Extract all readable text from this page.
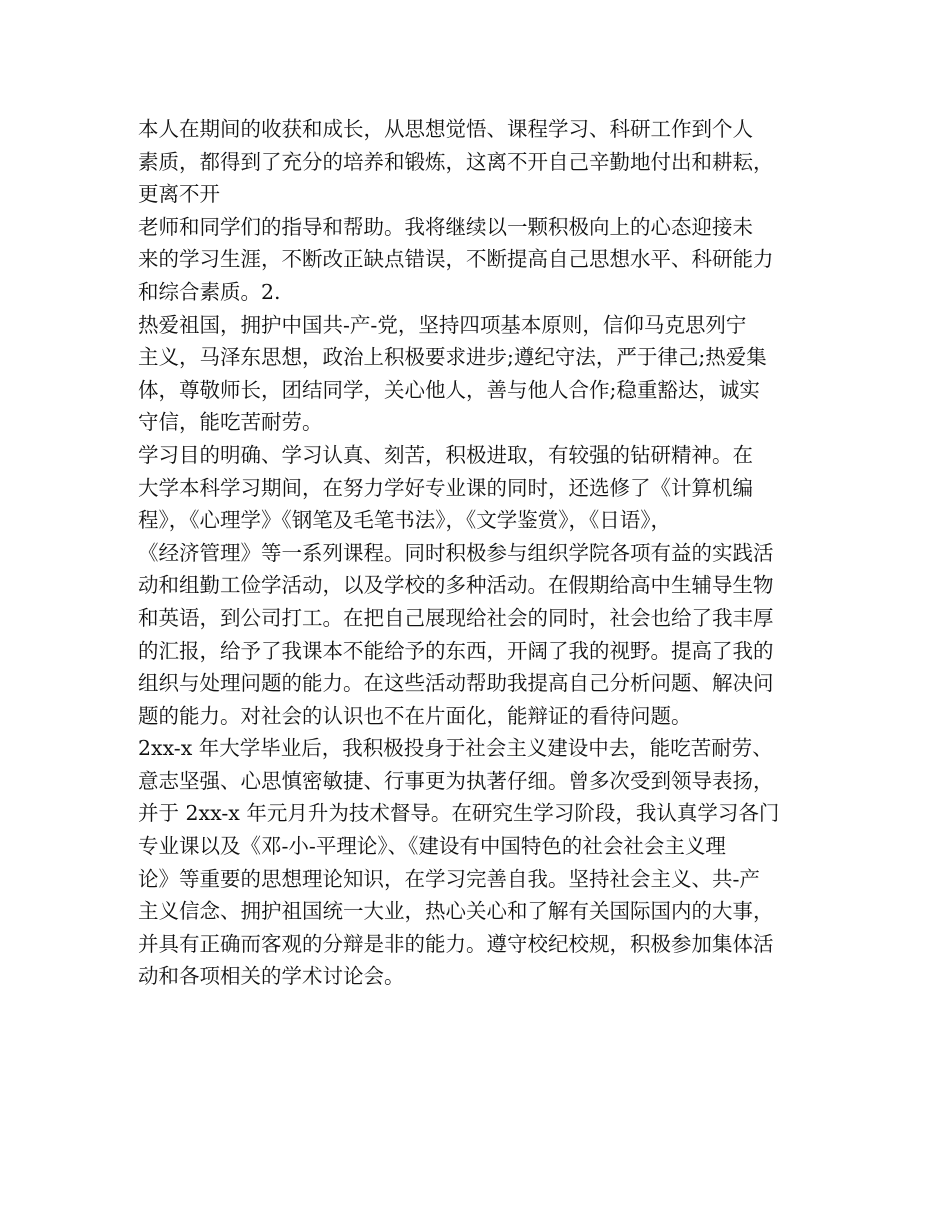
本人在期间的收获和成长，从思想觉悟、课程学习、科研工作到个人
素质，都得到了充分的培养和锻炼，这离不开自己辛勤地付出和耕耘，
更离不开
老师和同学们的指导和帮助。我将继续以一颗积极向上的心态迎接未
来的学习生涯，不断改正缺点错误，不断提高自己思想水平、科研能力
和综合素质。2.
热爱祖国，拥护中国共-产-党，坚持四项基本原则，信仰马克思列宁
主义，马泽东思想，政治上积极要求进步;遵纪守法，严于律己;热爱集
体，尊敬师长，团结同学，关心他人，善与他人合作;稳重豁达，诚实
守信，能吃苦耐劳。
学习目的明确、学习认真、刻苦，积极进取，有较强的钻研精神。在
大学本科学习期间，在努力学好专业课的同时，还选修了《计算机编
程》，《心理学》《钢笔及毛笔书法》，《文学鉴赏》，《日语》，
《经济管理》等一系列课程。同时积极参与组织学院各项有益的实践活
动和组勤工俭学活动，以及学校的多种活动。在假期给高中生辅导生物
和英语，到公司打工。在把自己展现给社会的同时，社会也给了我丰厚
的汇报，给予了我课本不能给予的东西，开阔了我的视野。提高了我的
组织与处理问题的能力。在这些活动帮助我提高自己分析问题、解决问
题的能力。对社会的认识也不在片面化，能辩证的看待问题。
2xx-x 年大学毕业后，我积极投身于社会主义建设中去，能吃苦耐劳、
意志坚强、心思慎密敏捷、行事更为执著仔细。曾多次受到领导表扬，
并于 2xx-x 年元月升为技术督导。在研究生学习阶段，我认真学习各门
专业课以及《邓-小-平理论》、《建设有中国特色的社会社会主义理
论》等重要的思想理论知识，在学习完善自我。坚持社会主义、共-产
主义信念、拥护祖国统一大业，热心关心和了解有关国际国内的大事，
并具有正确而客观的分辩是非的能力。遵守校纪校规，积极参加集体活
动和各项相关的学术讨论会。
